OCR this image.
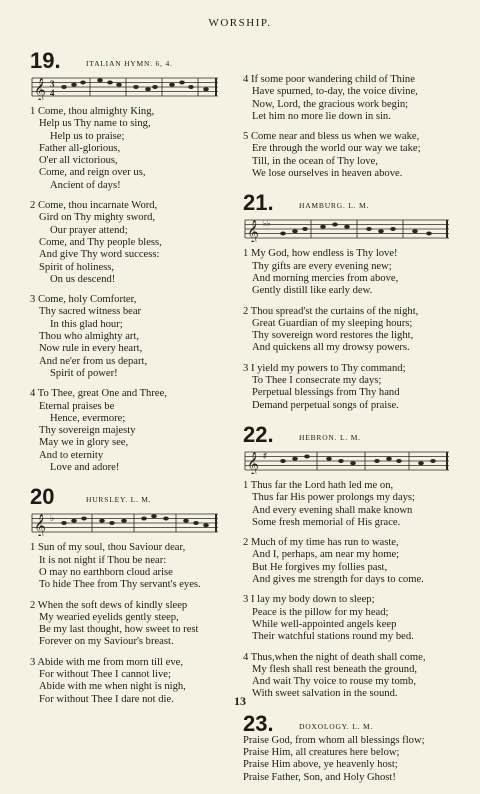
WORSHIP.
19.	ITALIAN HYMN. 6, 4.
𝄞 3
4
1 Come, thou almighty King,
Help us Thy name to sing,
Help us to praise;
Father all-glorious,
O'er all victorious,
Come, and reign over us,
Ancient of days!
2 Come, thou incarnate Word,
Gird on Thy mighty sword,
Our prayer attend;
Come, and Thy people bless,
And give Thy word success:
Spirit of holiness,
On us descend!
3 Come, holy Comforter,
Thy sacred witness bear
In this glad hour;
Thou who almighty art,
Now rule in every heart,
And ne'er from us depart,
Spirit of power!
4 To Thee, great One and Three,
Eternal praises be
Hence, evermore;
Thy sovereign majesty
May we in glory see,
And to eternity
Love and adore!
20	HURSLEY. L. M.
𝄞 ♭
1 Sun of my soul, thou Saviour dear,
It is not night if Thou be near:
O may no earthborn cloud arise
To hide Thee from Thy servant's eyes.
2 When the soft dews of kindly sleep
My wearied eyelids gently steep,
Be my last thought, how sweet to rest
Forever on my Saviour's breast.
3 Abide with me from morn till eve,
For without Thee I cannot live;
Abide with me when night is nigh,
For without Thee I dare not die.
4 If some poor wandering child of Thine
Have spurned, to-day, the voice divine,
Now, Lord, the gracious work begin;
Let him no more lie down in sin.
5 Come near and bless us when we wake,
Ere through the world our way we take;
Till, in the ocean of Thy love,
We lose ourselves in heaven above.
21.	HAMBURG. L. M.
𝄞 ♭♭
1 My God, how endless is Thy love!
Thy gifts are every evening new;
And morning mercies from above,
Gently distill like early dew.
2 Thou spread'st the curtains of the night,
Great Guardian of my sleeping hours;
Thy sovereign word restores the light,
And quickens all my drowsy powers.
3 I yield my powers to Thy command;
To Thee I consecrate my days;
Perpetual blessings from Thy hand
Demand perpetual songs of praise.
22.	HEBRON. L. M.
𝄞 ♯
1 Thus far the Lord hath led me on,
Thus far His power prolongs my days;
And every evening shall make known
Some fresh memorial of His grace.
2 Much of my time has run to waste,
And I, perhaps, am near my home;
But He forgives my follies past,
And gives me strength for days to come.
3 I lay my body down to sleep;
Peace is the pillow for my head;
While well-appointed angels keep
Their watchful stations round my bed.
4 Thus,when the night of death shall come,
My flesh shall rest beneath the ground,
And wait Thy voice to rouse my tomb,
With sweet salvation in the sound.
23.	DOXOLOGY. L. M.
Praise God, from whom all blessings flow;
Praise Him, all creatures here below;
Praise Him above, ye heavenly host;
Praise Father, Son, and Holy Ghost!
13
